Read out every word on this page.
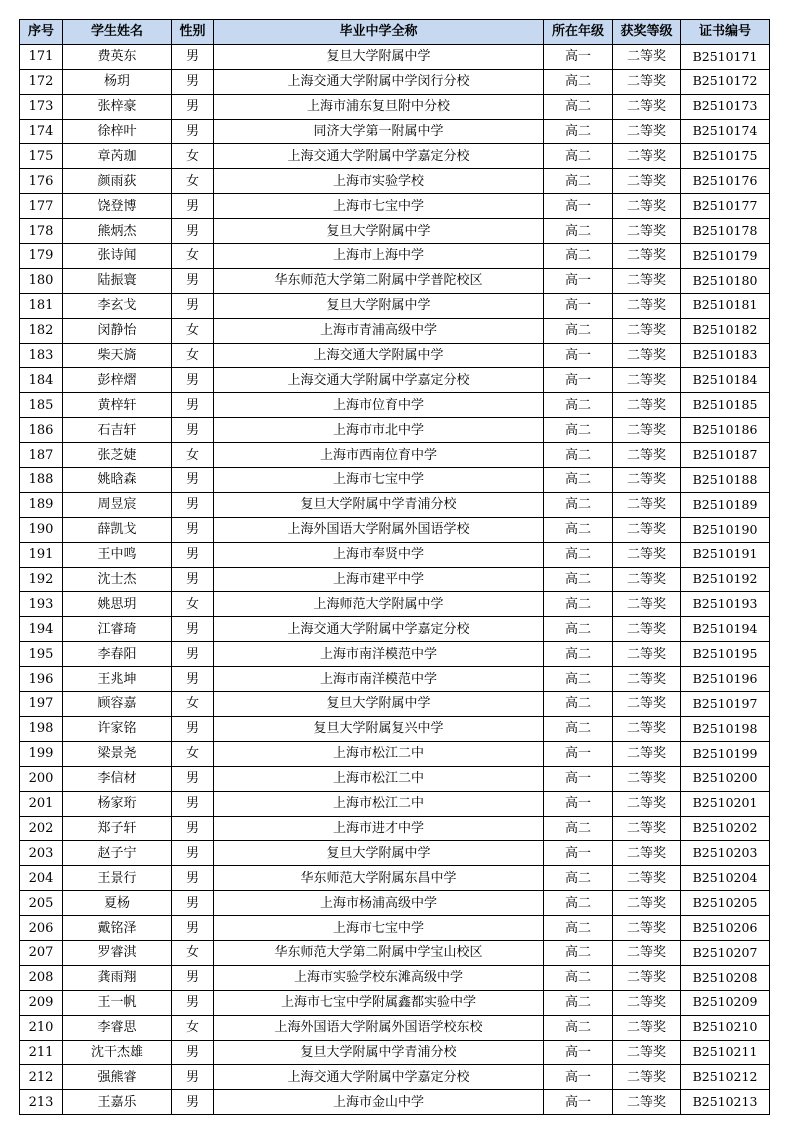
序号	学生姓名	性别	毕业中学全称	所在年级	获奖等级	证书编号
171	费英东	男	复旦大学附属中学	高一	二等奖	B2510171
172	杨玥	男	上海交通大学附属中学闵行分校	高二	二等奖	B2510172
173	张梓豪	男	上海市浦东复旦附中分校	高二	二等奖	B2510173
174	徐梓叶	男	同济大学第一附属中学	高二	二等奖	B2510174
175	章芮珈	女	上海交通大学附属中学嘉定分校	高二	二等奖	B2510175
176	颜雨荻	女	上海市实验学校	高二	二等奖	B2510176
177	饶登博	男	上海市七宝中学	高一	二等奖	B2510177
178	熊炳杰	男	复旦大学附属中学	高二	二等奖	B2510178
179	张诗闻	女	上海市上海中学	高二	二等奖	B2510179
180	陆振寰	男	华东师范大学第二附属中学普陀校区	高一	二等奖	B2510180
181	李玄戈	男	复旦大学附属中学	高一	二等奖	B2510181
182	闵静怡	女	上海市青浦高级中学	高二	二等奖	B2510182
183	柴天旖	女	上海交通大学附属中学	高一	二等奖	B2510183
184	彭梓熠	男	上海交通大学附属中学嘉定分校	高一	二等奖	B2510184
185	黄梓轩	男	上海市位育中学	高二	二等奖	B2510185
186	石吉轩	男	上海市市北中学	高二	二等奖	B2510186
187	张芝婕	女	上海市西南位育中学	高二	二等奖	B2510187
188	姚晗森	男	上海市七宝中学	高二	二等奖	B2510188
189	周昱宸	男	复旦大学附属中学青浦分校	高二	二等奖	B2510189
190	薛凯戈	男	上海外国语大学附属外国语学校	高二	二等奖	B2510190
191	王中鸣	男	上海市奉贤中学	高二	二等奖	B2510191
192	沈士杰	男	上海市建平中学	高二	二等奖	B2510192
193	姚思玥	女	上海师范大学附属中学	高二	二等奖	B2510193
194	江睿琦	男	上海交通大学附属中学嘉定分校	高二	二等奖	B2510194
195	李春阳	男	上海市南洋模范中学	高二	二等奖	B2510195
196	王兆坤	男	上海市南洋模范中学	高二	二等奖	B2510196
197	顾容嘉	女	复旦大学附属中学	高二	二等奖	B2510197
198	许家铭	男	复旦大学附属复兴中学	高二	二等奖	B2510198
199	梁景尧	女	上海市松江二中	高一	二等奖	B2510199
200	李信材	男	上海市松江二中	高一	二等奖	B2510200
201	杨家珩	男	上海市松江二中	高一	二等奖	B2510201
202	郑子轩	男	上海市进才中学	高二	二等奖	B2510202
203	赵子宁	男	复旦大学附属中学	高一	二等奖	B2510203
204	王景行	男	华东师范大学附属东昌中学	高二	二等奖	B2510204
205	夏杨	男	上海市杨浦高级中学	高二	二等奖	B2510205
206	戴铭泽	男	上海市七宝中学	高二	二等奖	B2510206
207	罗睿淇	女	华东师范大学第二附属中学宝山校区	高二	二等奖	B2510207
208	龚雨翔	男	上海市实验学校东滩高级中学	高二	二等奖	B2510208
209	王一帆	男	上海市七宝中学附属鑫都实验中学	高二	二等奖	B2510209
210	李睿思	女	上海外国语大学附属外国语学校东校	高二	二等奖	B2510210
211	沈干杰雄	男	复旦大学附属中学青浦分校	高一	二等奖	B2510211
212	强熊睿	男	上海交通大学附属中学嘉定分校	高一	二等奖	B2510212
213	王嘉乐	男	上海市金山中学	高一	二等奖	B2510213
